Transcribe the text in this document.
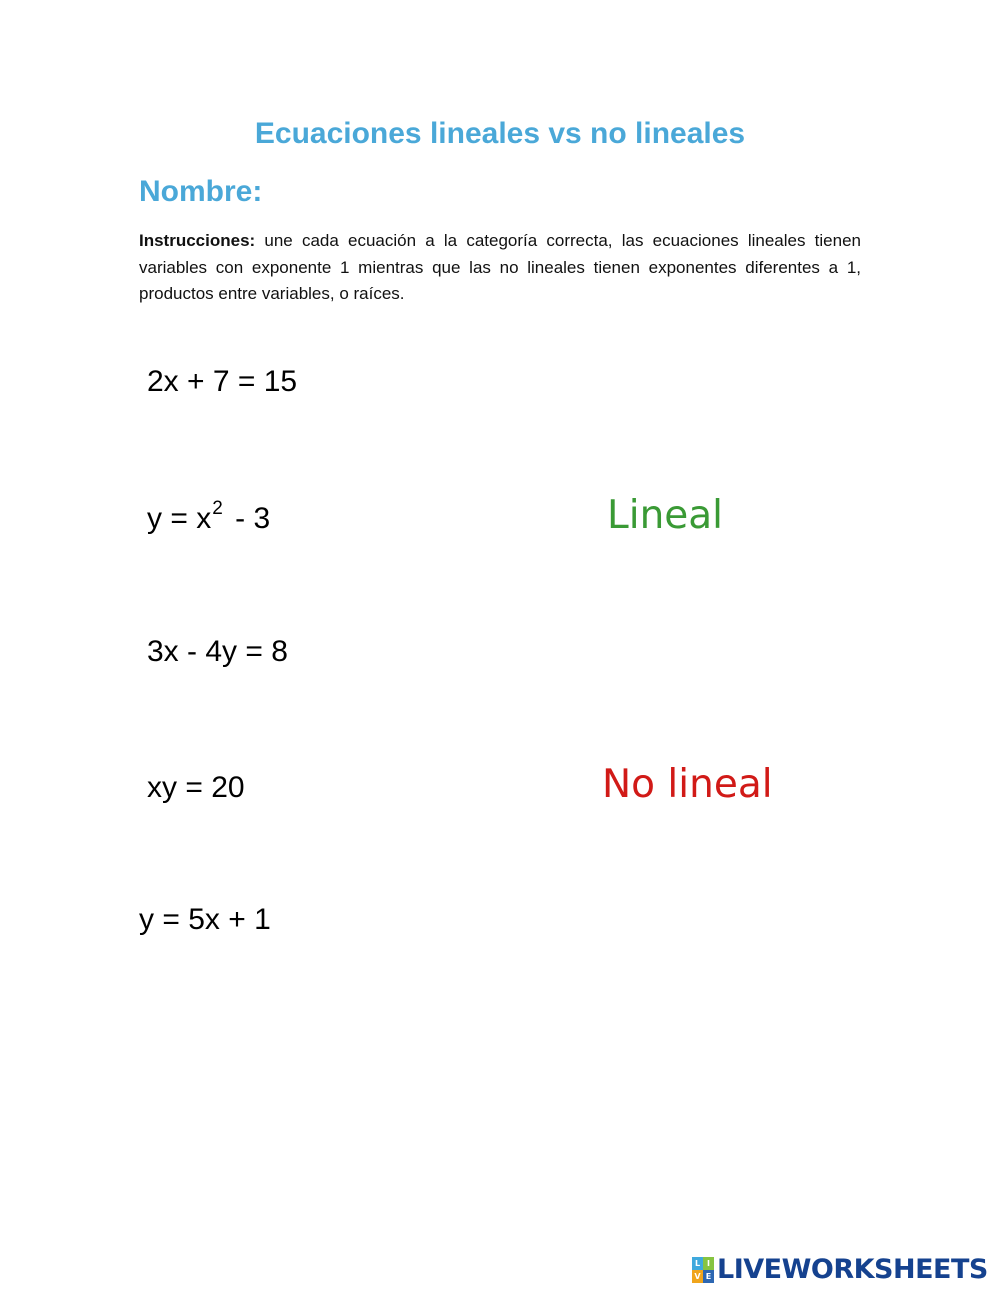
Ecuaciones lineales vs no lineales
Nombre:
Instrucciones: une cada ecuación a la categoría correcta, las ecuaciones lineales tienen variables con exponente 1 mientras que las no lineales tienen exponentes diferentes a 1, productos entre variables, o raíces.
2x + 7 = 15
$y = x^2 - 3$
3x - 4y = 8
xy = 20
y = 5x + 1
Lineal
No lineal
L I
V E LIVEWORKSHEETS
